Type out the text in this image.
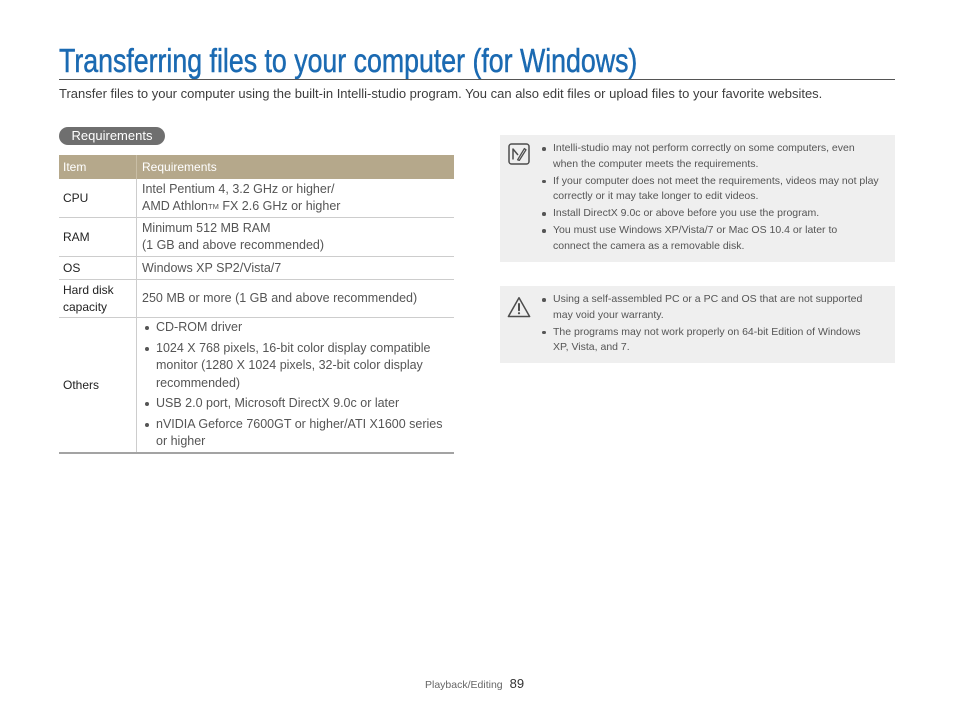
Transferring files to your computer (for Windows)

Transfer files to your computer using the built-in Intelli-studio program. You can also edit files or upload files to your favorite websites.

Requirements
Item	Requirements
CPU
Intel Pentium 4, 3.2 GHz or higher/
AMD AthlonTM FX 2.6 GHz or higher
RAM
Minimum 512 MB RAM
(1 GB and above recommended)
OS	Windows XP SP2/Vista/7
Hard disk capacity
250 MB or more (1 GB and above recommended)
Others
CD-ROM driver
1024 X 768 pixels, 16-bit color display compatible
monitor (1280 X 1024 pixels, 32-bit color display
recommended)
USB 2.0 port, Microsoft DirectX 9.0c or later
nVIDIA Geforce 7600GT or higher/ATI X1600 series
or higher
Intelli-studio may not perform correctly on some computers, even
when the computer meets the requirements.
If your computer does not meet the requirements, videos may not play
correctly or it may take longer to edit videos.
Install DirectX 9.0c or above before you use the program.
You must use Windows XP/Vista/7 or Mac OS 10.4 or later to
connect the camera as a removable disk.
Using a self-assembled PC or a PC and OS that are not supported
may void your warranty.
The programs may not work properly on 64-bit Edition of Windows
XP, Vista, and 7.
Playback/Editing 89
